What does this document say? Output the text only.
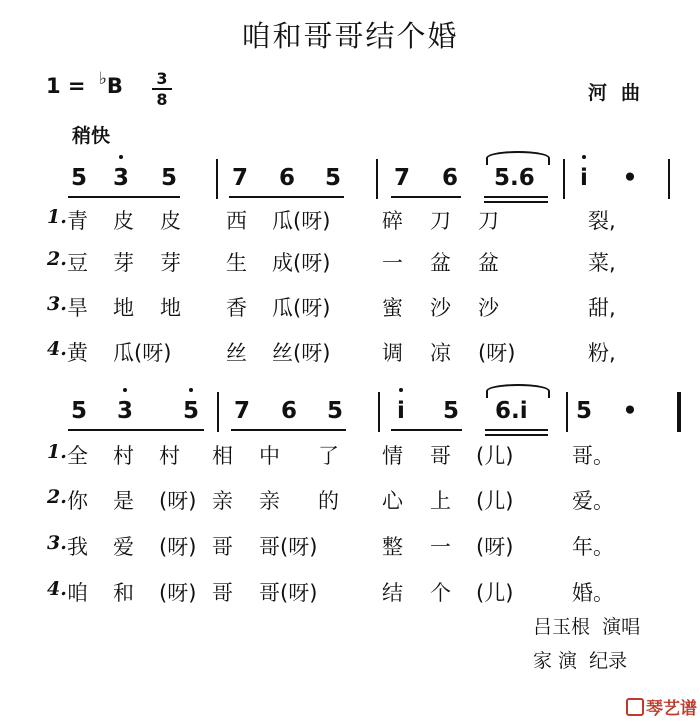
咱和哥哥结个婚
1 = ♭B	3
8	河曲
稍快
5 3 5 7 6 5 7 6 5.6	i	•
1. 青 皮 皮 西 瓜(呀) 碎 刀 刀	裂,
2. 豆 芽 芽 生 成(呀) 一 盆 盆	菜,
3. 旱 地 地 香 瓜(呀) 蜜 沙 沙	甜,
4. 黄 瓜(呀)	丝 丝(呀) 调 凉 (呀)	粉,
5 3 5 7 6 5	i	5 6.i 5 •
1. 全 村 村 相 中 了 情 哥 (儿)	哥。
2. 你 是 (呀) 亲 亲 的 心 上 (儿)	爱。
3. 我 爱 (呀) 哥 哥(呀)	整 一 (呀)	年。
4. 咱 和 (呀) 哥 哥(呀)	结 个 (儿)	婚。
吕玉根 演唱
家 演 纪录
琴艺谱
